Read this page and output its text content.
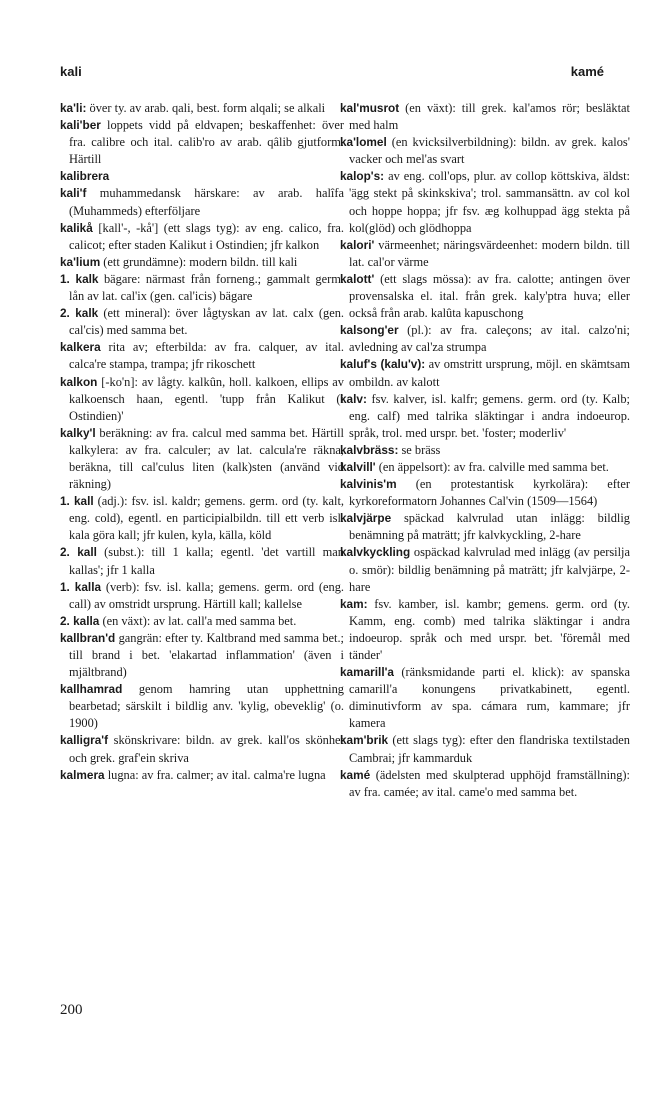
kali	kamé

ka'li: över ty. av arab. qali, best. form alqali; se alkali

kali'ber loppets vidd på eldvapen; beskaffenhet: över fra. calibre och ital. calib'ro av arab. qâlib gjutform. Härtill

kalibrera

kali'f muhammedansk härskare: av arab. halîfa (Muhammeds) efterföljare

kalikå [kall'-, -kå'] (ett slags tyg): av eng. calico, fra. calicot; efter staden Kalikut i Ostindien; jfr kalkon

ka'lium (ett grundämne): modern bildn. till kali

1. kalk bägare: närmast från forneng.; gammalt germ. lån av lat. cal'ix (gen. cal'icis) bägare

2. kalk (ett mineral): över lågtyskan av lat. calx (gen. cal'cis) med samma bet.

kalkera rita av; efterbilda: av fra. calquer, av ital. calca're stampa, trampa; jfr rikoschett

kalkon [-ko'n]: av lågty. kalkûn, holl. kalkoen, ellips av kalkoensch haan, egentl. 'tupp från Kalikut (i Ostindien)'

kalky'l beräkning: av fra. calcul med samma bet. Härtill kalkylera: av fra. calculer; av lat. calcula're räkna, beräkna, till cal'culus liten (kalk)sten (använd vid räkning)

1. kall (adj.): fsv. isl. kaldr; gemens. germ. ord (ty. kalt, eng. cold), egentl. en participialbildn. till ett verb isl. kala göra kall; jfr kulen, kyla, källa, köld

2. kall (subst.): till 1 kalla; egentl. 'det vartill man kallas'; jfr 1 kalla

1. kalla (verb): fsv. isl. kalla; gemens. germ. ord (eng. call) av omstridt ursprung. Härtill kall; kallelse

2. kalla (en växt): av lat. call'a med samma bet.

kallbran'd gangrän: efter ty. Kaltbrand med samma bet.; till brand i bet. 'elakartad inflammation' (även i mjältbrand)

kallhamrad genom hamring utan upphettning bearbetad; särskilt i bildlig anv. 'kylig, obeveklig' (o. 1900)

kalligra'f skönskrivare: bildn. av grek. kall'os skönhet och grek. graf'ein skriva

kalmera lugna: av fra. calmer; av ital. calma're lugna

kal'musrot (en växt): till grek. kal'amos rör; besläktat med halm

ka'lomel (en kvicksilverbildning): bildn. av grek. kalos' vacker och mel'as svart

kalop's: av eng. coll'ops, plur. av collop köttskiva, äldst: 'ägg stekt på skinkskiva'; trol. sammansättn. av col kol och hoppe hoppa; jfr fsv. æg kolhuppad ägg stekta på kol(glöd) och glödhoppa

kalori' värmeenhet; näringsvärdeenhet: modern bildn. till lat. cal'or värme

kalott' (ett slags mössa): av fra. calotte; antingen över provensalska el. ital. från grek. kaly'ptra huva; eller också från arab. kalûta kapuschong

kalsong'er (pl.): av fra. caleçons; av ital. calzo'ni; avledning av cal'za strumpa

kaluf's (kalu'v): av omstritt ursprung, möjl. en skämtsam ombildn. av kalott

kalv: fsv. kalver, isl. kalfr; gemens. germ. ord (ty. Kalb; eng. calf) med talrika släktingar i andra indoeurop. språk, trol. med urspr. bet. 'foster; moderliv'

kalvbräss: se bräss

kalvill' (en äppelsort): av fra. calville med samma bet.

kalvinis'm (en protestantisk kyrkolära): efter kyrkoreformatorn Johannes Cal'vin (1509—1564)

kalvjärpe späckad kalvrulad utan inlägg: bildlig benämning på maträtt; jfr kalvkyckling, 2-hare

kalvkyckling ospäckad kalvrulad med inlägg (av persilja o. smör): bildlig benämning på maträtt; jfr kalvjärpe, 2-hare

kam: fsv. kamber, isl. kambr; gemens. germ. ord (ty. Kamm, eng. comb) med talrika släktingar i andra indoeurop. språk och med urspr. bet. 'föremål med tänder'

kamarill'a (ränksmidande parti el. klick): av spanska camarill'a konungens privatkabinett, egentl. diminutivform av spa. cámara rum, kammare; jfr kamera

kam'brik (ett slags tyg): efter den flandriska textilstaden Cambrai; jfr kammarduk

kamé (ädelsten med skulpterad upphöjd framställning): av fra. camée; av ital. came'o med samma bet.

200
